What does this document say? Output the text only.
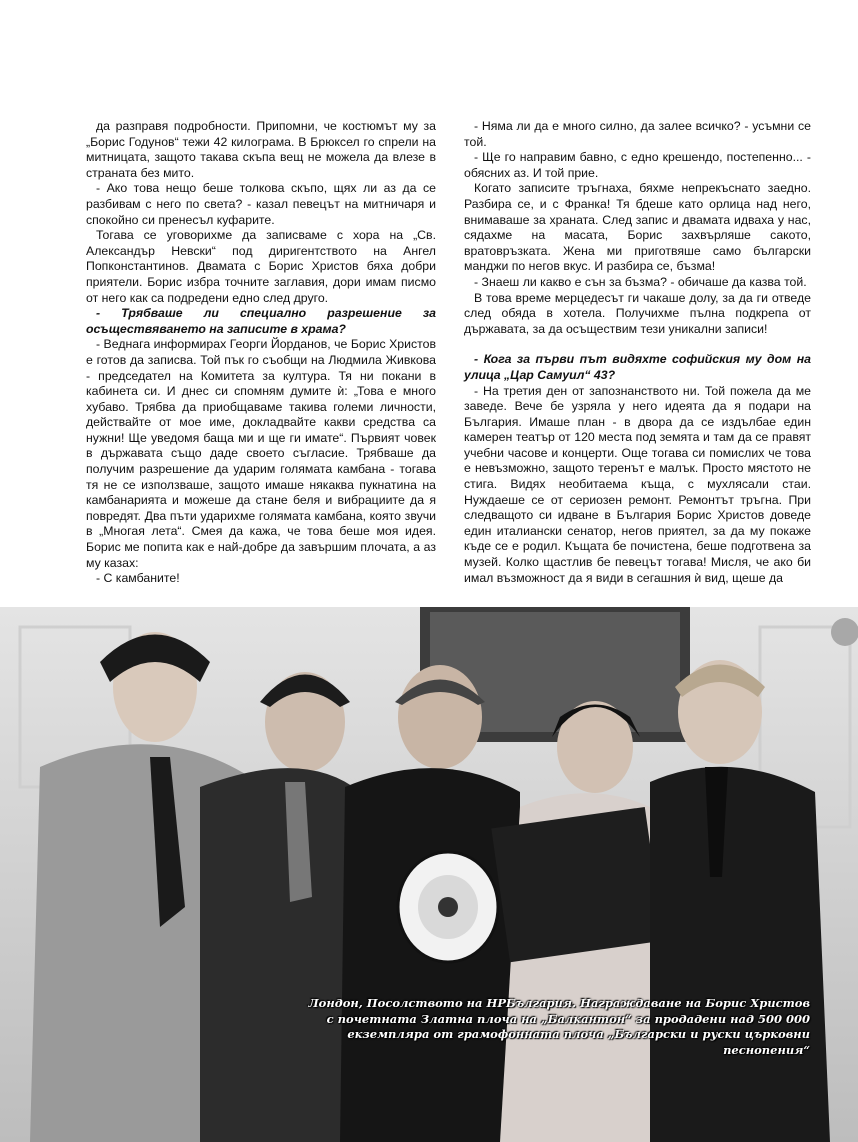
да разправя подробности. Припомни, че костюмът му за „Борис Годунов“ тежи 42 килограма. В Брюксел го спрели на митницата, защото такава скъпа вещ не можела да влезе в страната без мито.

- Ако това нещо беше толкова скъпо, щях ли аз да се разбивам с него по света? - казал певецът на митничаря и спокойно си пренесъл куфарите.

Тогава се уговорихме да записваме с хора на „Св. Александър Невски“ под диригентството на Ангел Попконстантинов. Двамата с Борис Христов бяха добри приятели. Борис избра точните заглавия, дори имам писмо от него как са подредени едно след друго.

- Трябваше ли специално разрешение за осъществяването на записите в храма?

- Веднага информирах Георги Йорданов, че Борис Христов е готов да записва. Той пък го съобщи на Людмила Живкова - председател на Комитета за култура. Тя ни покани в кабинета си. И днес си спомням думите ѝ: „Това е много хубаво. Трябва да приобщаваме такива големи личности, действайте от мое име, докладвайте какви средства са нужни! Ще уведомя баща ми и ще ги имате“. Първият човек в държавата също даде своето съгласие. Трябваше да получим разрешение да ударим голямата камбана - тогава тя не се използваше, защото имаше някаква пукнатина на камбанарията и можеше да стане беля и вибрациите да я повредят. Два пъти ударихме голямата камбана, която звучи в „Многая лета“. Смея да кажа, че това беше моя идея. Борис ме попита как е най-добре да завършим плочата, а аз му казах:

- С камбаните!

- Няма ли да е много силно, да залее всичко? - усъмни се той.

- Ще го направим бавно, с едно крешендо, постепенно... - обясних аз. И той прие.

Когато записите тръгнаха, бяхме непрекъснато заедно. Разбира се, и с Франка! Тя бдеше като орлица над него, внимаваше за храната. След запис и двамата идваха у нас, сядахме на масата, Борис захвърляше сакото, вратовръзката. Жена ми приготвяше само български манджи по негов вкус. И разбира се, бъзма!

- Знаеш ли какво е сън за бъзма? - обичаше да казва той.

В това време мерцедесът ги чакаше долу, за да ги отведе след обяда в хотела. Получихме пълна подкрепа от държавата, за да осъществим тези уникални записи!

- Кога за първи път видяхте софийския му дом на улица „Цар Самуил“ 43?

- На третия ден от запознанството ни. Той пожела да ме заведе. Вече бе узряла у него идеята да я подари на България. Имаше план - в двора да се издълбае един камерен театър от 120 места под земята и там да се правят учебни часове и концерти. Още тогава си помислих че това е невъзможно, защото теренът е малък. Просто мястото не стига. Видях необитаема къща, с мухлясали стаи. Нуждаеше се от сериозен ремонт. Ремонтът тръгна. При следващото си идване в България Борис Христов доведе един италиански сенатор, негов приятел, за да му покаже къде се е родил. Къщата бе почистена, беше подготвена за музей. Колко щастлив бе певецът тогава! Мисля, че ако би имал възможност да я види в сегашния ѝ вид, щеше да

Лондон, Посолството на НРБългария. Награждаване на Борис Христов
с почетната Златна плоча на „Балкантон“ за продадени над 500 000
екземпляра от грамофонната плоча „Български и руски църковни песнопения“
